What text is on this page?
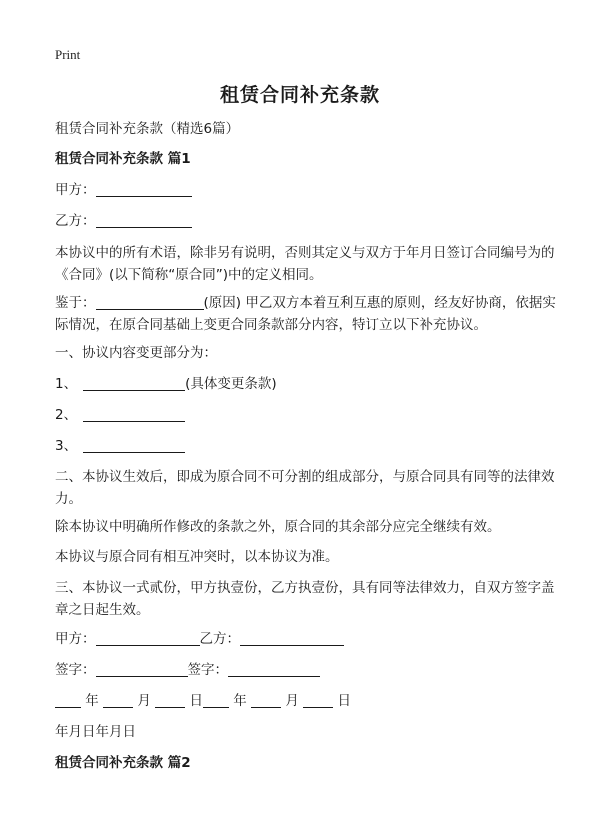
Print
租赁合同补充条款
租赁合同补充条款（精选6篇）
租赁合同补充条款 篇1
甲方：
乙方：
本协议中的所有术语，除非另有说明，否则其定义与双方于年月日签订合同编号为的《合同》(以下简称“原合同”)中的定义相同。
鉴于：	(原因) 甲乙双方本着互利互惠的原则，经友好协商，依据实际情况，在原合同基础上变更合同条款部分内容，特订立以下补充协议。
一、协议内容变更部分为：
1、	(具体变更条款)
2、
3、
二、本协议生效后，即成为原合同不可分割的组成部分，与原合同具有同等的法律效力。
除本协议中明确所作修改的条款之外，原合同的其余部分应完全继续有效。
本协议与原合同有相互冲突时，以本协议为准。
三、本协议一式贰份，甲方执壹份，乙方执壹份，具有同等法律效力，自双方签字盖章之日起生效。
甲方：	乙方：
签字：	签字：
年	月	日 年	月	日
年月日年月日
租赁合同补充条款 篇2
